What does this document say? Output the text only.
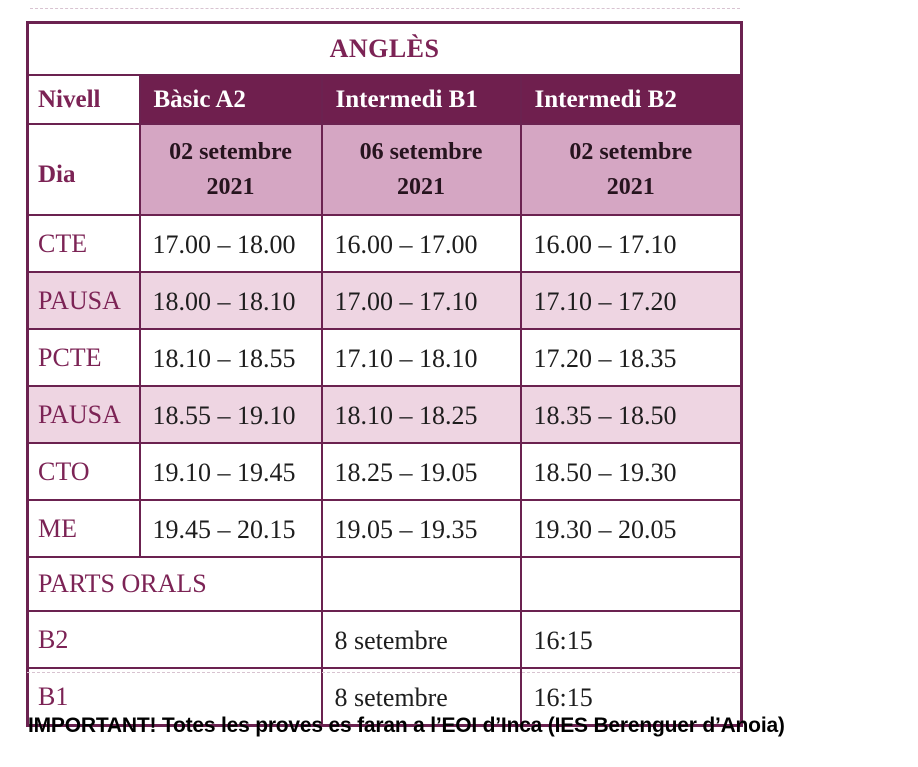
ANGLÈS			
Nivell	Bàsic A2	Intermedi B1	Intermedi B2
Dia	02 setembre 2021	06 setembre 2021	02 setembre 2021

CTE	17.00 – 18.00	16.00 – 17.00	16.00 – 17.10
PAUSA	18.00 – 18.10	17.00 – 17.10	17.10 – 17.20
PCTE	18.10 – 18.55	17.10 – 18.10	17.20 – 18.35
PAUSA	18.55 – 19.10	18.10 – 18.25	18.35 – 18.50
CTO	19.10 – 19.45	18.25 – 19.05	18.50 – 19.30
ME	19.45 – 20.15	19.05 – 19.35	19.30 – 20.05
PARTS ORALS			
B2		8 setembre	16:15
B1		8 setembre	16:15
IMPORTANT! Totes les proves es faran a l’EOI d’Inca (IES Berenguer d’Anoia)
